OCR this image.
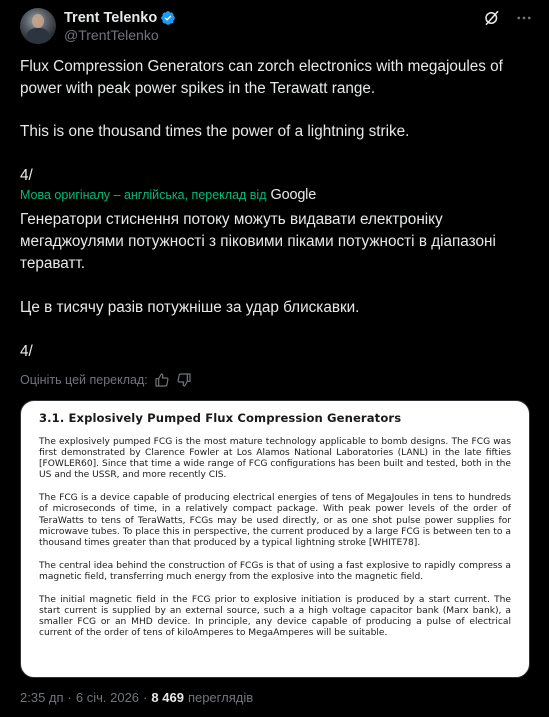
Trent Telenko
@TrentTelenko
Flux Compression Generators can zorch electronics with megajoules of power with peak power spikes in the Terawatt range.
This is one thousand times the power of a lightning strike.
4/
Мова оригіналу – англійська, переклад від Google
Генератори стиснення потоку можуть видавати електроніку мегаджоулями потужності з піковими піками потужності в діапазоні тераватт.
Це в тисячу разів потужніше за удар блискавки.
4/
Оцініть цей переклад:
3.1. Explosively Pumped Flux Compression Generators

The explosively pumped FCG is the most mature technology applicable to bomb designs. The FCG was first demonstrated by Clarence Fowler at Los Alamos National Laboratories (LANL) in the late fifties [FOWLER60]. Since that time a wide range of FCG configurations has been built and tested, both in the US and the USSR, and more recently CIS.

The FCG is a device capable of producing electrical energies of tens of MegaJoules in tens to hundreds of microseconds of time, in a relatively compact package. With peak power levels of the order of TeraWatts to tens of TeraWatts, FCGs may be used directly, or as one shot pulse power supplies for microwave tubes. To place this in perspective, the current produced by a large FCG is between ten to a thousand times greater than that produced by a typical lightning stroke [WHITE78].

The central idea behind the construction of FCGs is that of using a fast explosive to rapidly compress a magnetic field, transferring much energy from the explosive into the magnetic field.

The initial magnetic field in the FCG prior to explosive initiation is produced by a start current. The start current is supplied by an external source, such a a high voltage capacitor bank (Marx bank), a smaller FCG or an MHD device. In principle, any device capable of producing a pulse of electrical current of the order of tens of kiloAmperes to MegaAmperes will be suitable.

2:35 дп · 6 січ. 2026 · 8 469 переглядів
